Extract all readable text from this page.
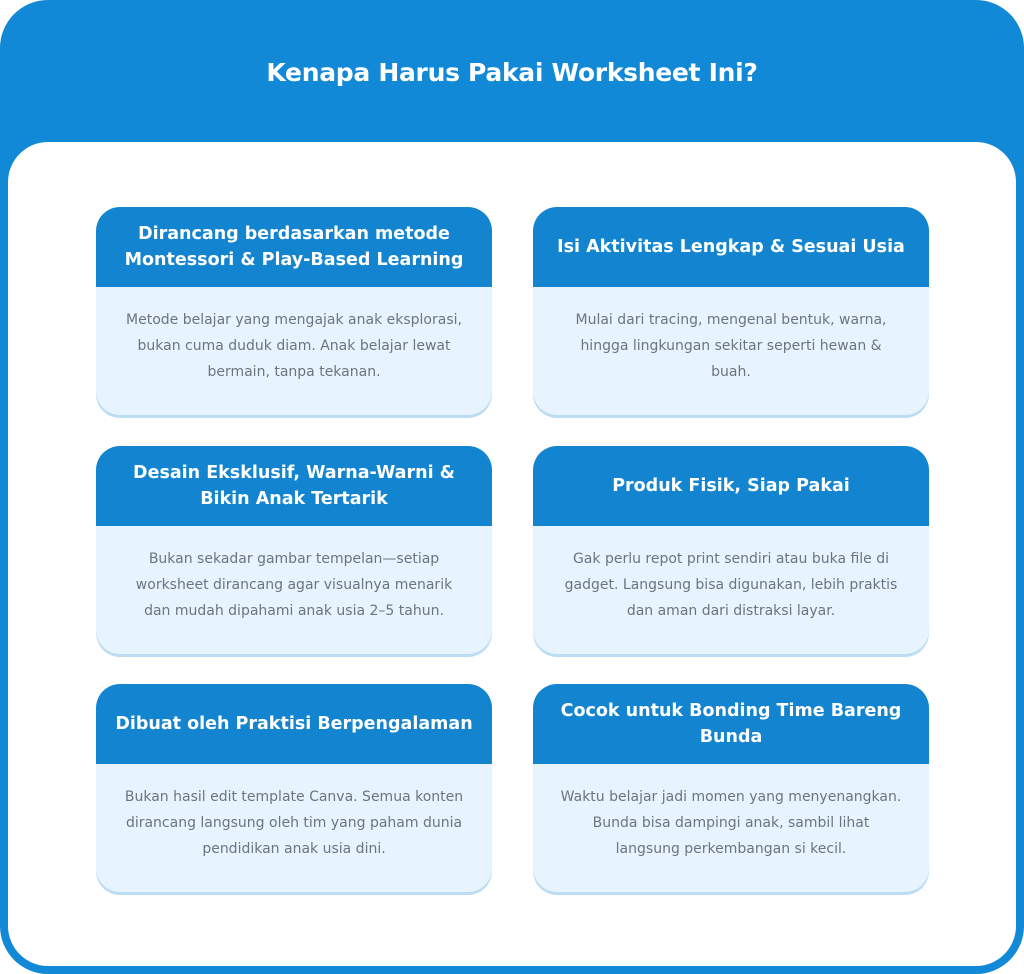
Kenapa Harus Pakai Worksheet Ini?
Dirancang berdasarkan metode Montessori & Play-Based Learning
Metode belajar yang mengajak anak eksplorasi, bukan cuma duduk diam. Anak belajar lewat bermain, tanpa tekanan.
Isi Aktivitas Lengkap & Sesuai Usia
Mulai dari tracing, mengenal bentuk, warna, hingga lingkungan sekitar seperti hewan & buah.
Desain Eksklusif, Warna-Warni & Bikin Anak Tertarik
Bukan sekadar gambar tempelan—setiap worksheet dirancang agar visualnya menarik dan mudah dipahami anak usia 2–5 tahun.
Produk Fisik, Siap Pakai
Gak perlu repot print sendiri atau buka file di gadget. Langsung bisa digunakan, lebih praktis dan aman dari distraksi layar.
Dibuat oleh Praktisi Berpengalaman
Bukan hasil edit template Canva. Semua konten dirancang langsung oleh tim yang paham dunia pendidikan anak usia dini.
Cocok untuk Bonding Time Bareng Bunda
Waktu belajar jadi momen yang menyenangkan. Bunda bisa dampingi anak, sambil lihat langsung perkembangan si kecil.
